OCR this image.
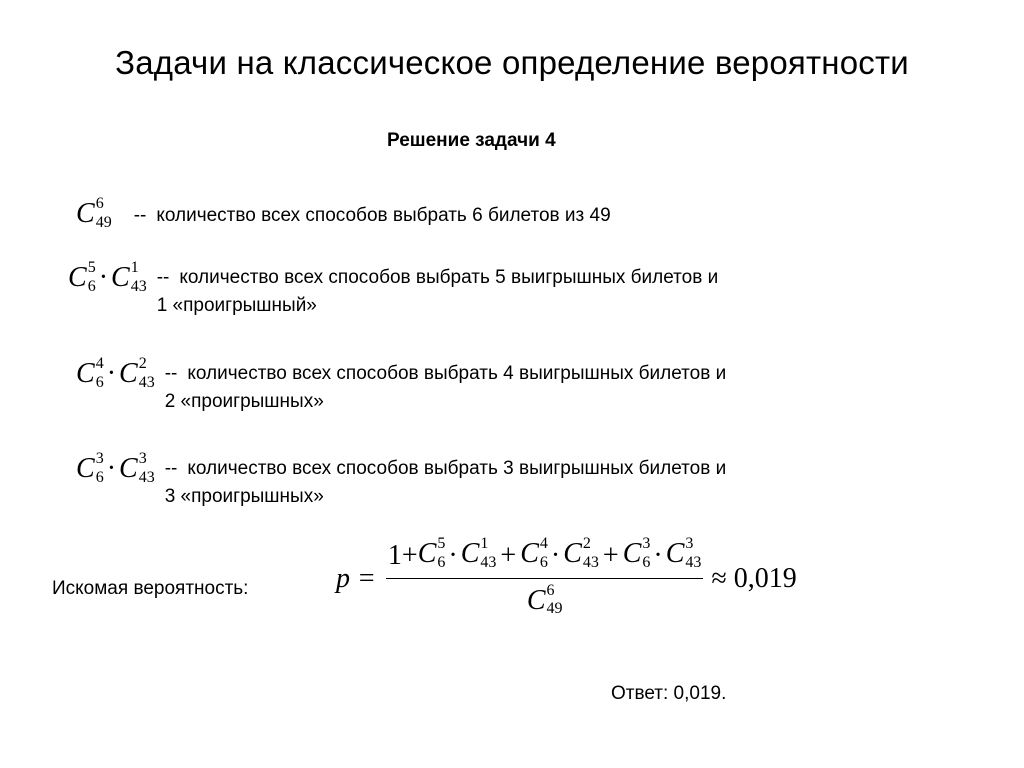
Задачи на классическое определение вероятности
Решение задачи 4
C 6
49 -- количество всех способов выбрать 6 билетов из 49
C 5
6 · C 1
43 -- количество всех способов выбрать 5 выигрышных билетов и
1 «проигрышный»
C 4
6 · C 2
43 -- количество всех способов выбрать 4 выигрышных билетов и
2 «проигрышных»
C 3
6 · C 3
43 -- количество всех способов выбрать 3 выигрышных билетов и
3 «проигрышных»
Искомая вероятность:	p =
1+ C 5
6 · C 1
43 + C 4
6 · C 2
43 + C 3
6 · C 3
43
C 6
49
≈ 0,019
Ответ: 0,019.
